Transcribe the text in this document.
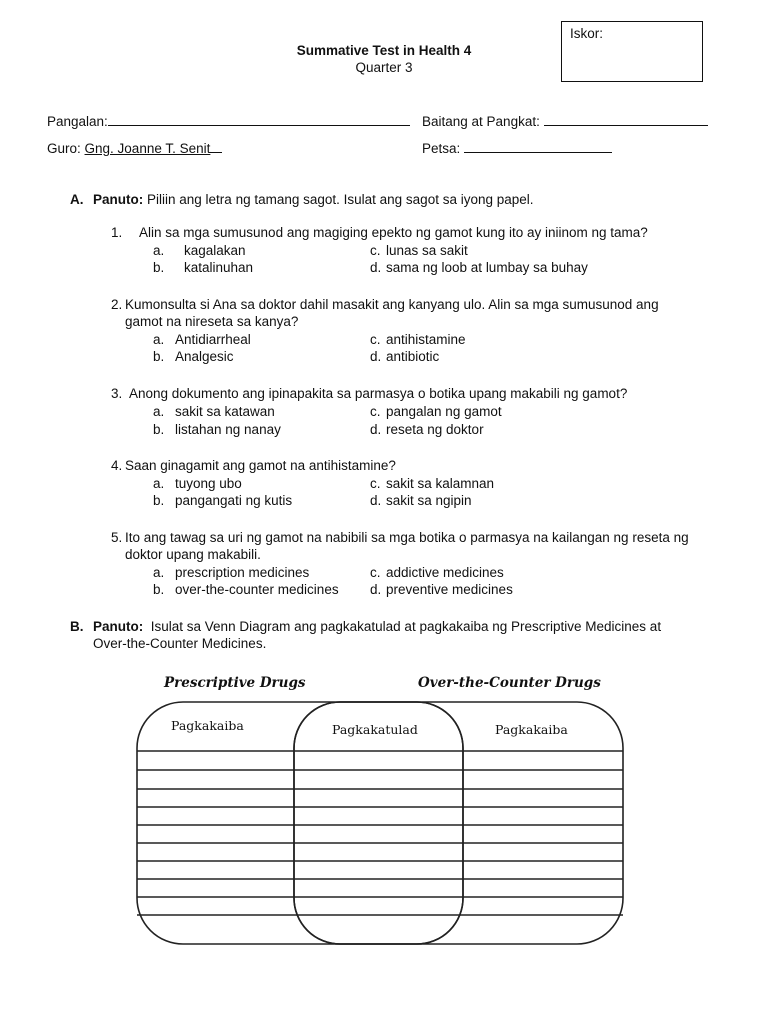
Iskor:
Summative Test in Health 4
Quarter 3
Pangalan:	Baitang at Pangkat:
Guro: Gng. Joanne T. Senit	Petsa:
A. Panuto: Piliin ang letra ng tamang sagot. Isulat ang sagot sa iyong papel.
1. Alin sa mga sumusunod ang magiging epekto ng gamot kung ito ay iniinom ng tama?
a. kagalakan	c. lunas sa sakit
b. katalinuhan	d. sama ng loob at lumbay sa buhay
2. Kumonsulta si Ana sa doktor dahil masakit ang kanyang ulo. Alin sa mga sumusunod ang
gamot na nireseta sa kanya?
a. Antidiarrheal	c. antihistamine
b. Analgesic	d. antibiotic
3. Anong dokumento ang ipinapakita sa parmasya o botika upang makabili ng gamot?
a. sakit sa katawan	c. pangalan ng gamot
b. listahan ng nanay	d. reseta ng doktor
4. Saan ginagamit ang gamot na antihistamine?
a. tuyong ubo	c. sakit sa kalamnan
b. pangangati ng kutis	d. sakit sa ngipin
5. Ito ang tawag sa uri ng gamot na nabibili sa mga botika o parmasya na kailangan ng reseta ng
doktor upang makabili.
a. prescription medicines	c. addictive medicines
b. over-the-counter medicines d. preventive medicines
B. Panuto: Isulat sa Venn Diagram ang pagkakatulad at pagkakaiba ng Prescriptive Medicines at
Over-the-Counter Medicines.
Prescriptive Drugs	Over-the-Counter Drugs
Pagkakaiba	Pagkakatulad	Pagkakaiba
